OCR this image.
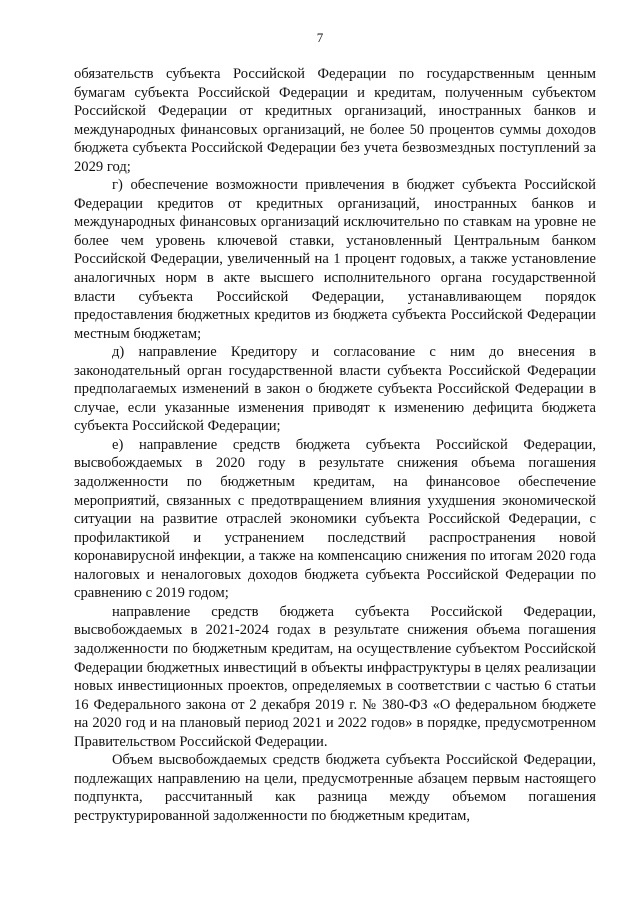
7

обязательств субъекта Российской Федерации по государственным ценным бумагам субъекта Российской Федерации и кредитам, полученным субъектом Российской Федерации от кредитных организаций, иностранных банков и международных финансовых организаций, не более 50 процентов суммы доходов бюджета субъекта Российской Федерации без учета безвозмездных поступлений за 2029 год;

г) обеспечение возможности привлечения в бюджет субъекта Российской Федерации кредитов от кредитных организаций, иностранных банков и международных финансовых организаций исключительно по ставкам на уровне не более чем уровень ключевой ставки, установленный Центральным банком Российской Федерации, увеличенный на 1 процент годовых, а также установление аналогичных норм в акте высшего исполнительного органа государственной власти субъекта Российской Федерации, устанавливающем порядок предоставления бюджетных кредитов из бюджета субъекта Российской Федерации местным бюджетам;

д) направление Кредитору и согласование с ним до внесения в законодательный орган государственной власти субъекта Российской Федерации предполагаемых изменений в закон о бюджете субъекта Российской Федерации в случае, если указанные изменения приводят к изменению дефицита бюджета субъекта Российской Федерации;

е) направление средств бюджета субъекта Российской Федерации, высвобождаемых в 2020 году в результате снижения объема погашения задолженности по бюджетным кредитам, на финансовое обеспечение мероприятий, связанных с предотвращением влияния ухудшения экономической ситуации на развитие отраслей экономики субъекта Российской Федерации, с профилактикой и устранением последствий распространения новой коронавирусной инфекции, а также на компенсацию снижения по итогам 2020 года налоговых и неналоговых доходов бюджета субъекта Российской Федерации по сравнению с 2019 годом;

направление средств бюджета субъекта Российской Федерации, высвобождаемых в 2021-2024 годах в результате снижения объема погашения задолженности по бюджетным кредитам, на осуществление субъектом Российской Федерации бюджетных инвестиций в объекты инфраструктуры в целях реализации новых инвестиционных проектов, определяемых в соответствии с частью 6 статьи 16 Федерального закона от 2 декабря 2019 г. № 380-ФЗ «О федеральном бюджете на 2020 год и на плановый период 2021 и 2022 годов» в порядке, предусмотренном Правительством Российской Федерации.

Объем высвобождаемых средств бюджета субъекта Российской Федерации, подлежащих направлению на цели, предусмотренные абзацем первым настоящего подпункта, рассчитанный как разница между объемом погашения реструктурированной задолженности по бюджетным кредитам,
